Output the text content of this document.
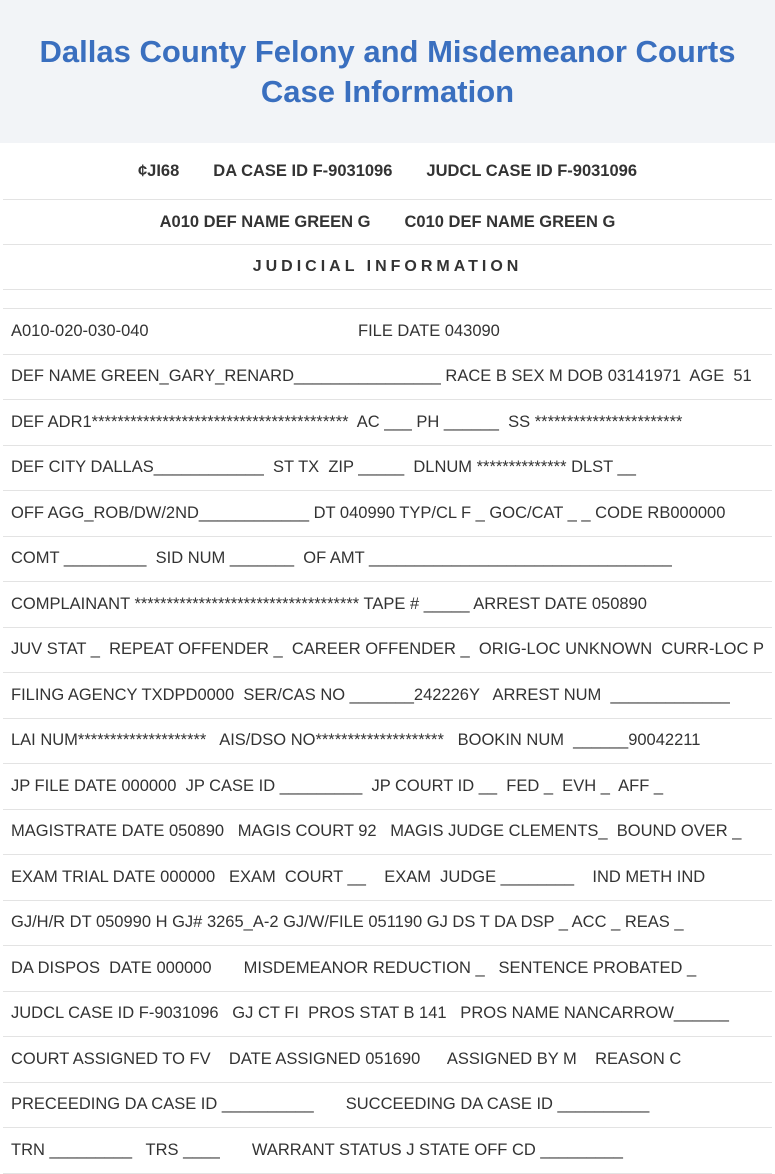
Dallas County Felony and Misdemeanor Courts
Case Information
¢JI68 DA CASE ID F-9031096 JUDCL CASE ID F-9031096
A010 DEF NAME GREEN G C010 DEF NAME GREEN G
JUDICIAL INFORMATION
A010-020-030-040	FILE DATE 043090
DEF NAME GREEN_GARY_RENARD________________ RACE B SEX M DOB 03141971  AGE  51
DEF ADR1****************************************  AC ___ PH ______  SS ***********************
DEF CITY DALLAS____________  ST TX  ZIP _____  DLNUM ************** DLST __
OFF AGG_ROB/DW/2ND____________ DT 040990 TYP/CL F _ GOC/CAT _ _ CODE RB000000
COMT _________  SID NUM _______  OF AMT _________________________________
COMPLAINANT *********************************** TAPE # _____ ARREST DATE 050890
JUV STAT _  REPEAT OFFENDER _  CAREER OFFENDER _  ORIG-LOC UNKNOWN  CURR-LOC P
FILING AGENCY TXDPD0000  SER/CAS NO _______242226Y   ARREST NUM  _____________
LAI NUM********************   AIS/DSO NO********************   BOOKIN NUM  ______90042211
JP FILE DATE 000000  JP CASE ID _________  JP COURT ID __  FED _  EVH _  AFF _
MAGISTRATE DATE 050890   MAGIS COURT 92   MAGIS JUDGE CLEMENTS_  BOUND OVER _
EXAM TRIAL DATE 000000   EXAM  COURT __    EXAM  JUDGE ________    IND METH IND
GJ/H/R DT 050990 H GJ# 3265_A-2 GJ/W/FILE 051190 GJ DS T DA DSP _ ACC _ REAS _
DA DISPOS  DATE 000000       MISDEMEANOR REDUCTION _   SENTENCE PROBATED _
JUDCL CASE ID F-9031096   GJ CT FI  PROS STAT B 141   PROS NAME NANCARROW______
COURT ASSIGNED TO FV    DATE ASSIGNED 051690      ASSIGNED BY M    REASON C
PRECEEDING DA CASE ID __________       SUCCEEDING DA CASE ID __________
TRN _________   TRS ____       WARRANT STATUS J STATE OFF CD _________
